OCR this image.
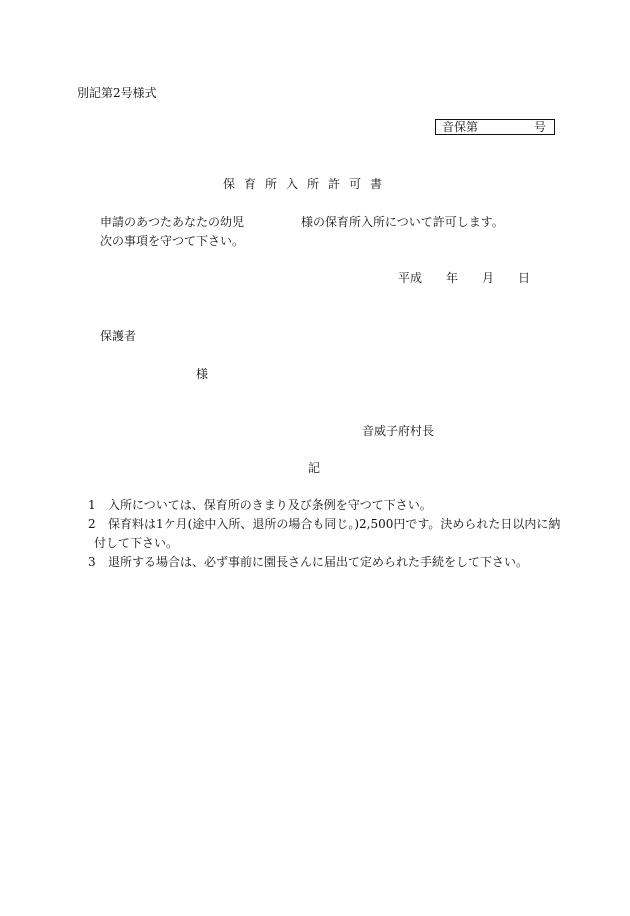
別記第2号様式
音保第	号
保育所入所許可書
申請のあつたあなたの幼児	様の保育所入所について許可します。
次の事項を守つて下さい。
平成 年 月 日
保護者
様
音威子府村長
記
1 入所については、保育所のきまり及び条例を守つて下さい。
2 保育料は1ケ月(途中入所、退所の場合も同じ。)2,500円です。決められた日以内に納
付して下さい。
3 退所する場合は、必ず事前に園長さんに届出て定められた手続をして下さい。
